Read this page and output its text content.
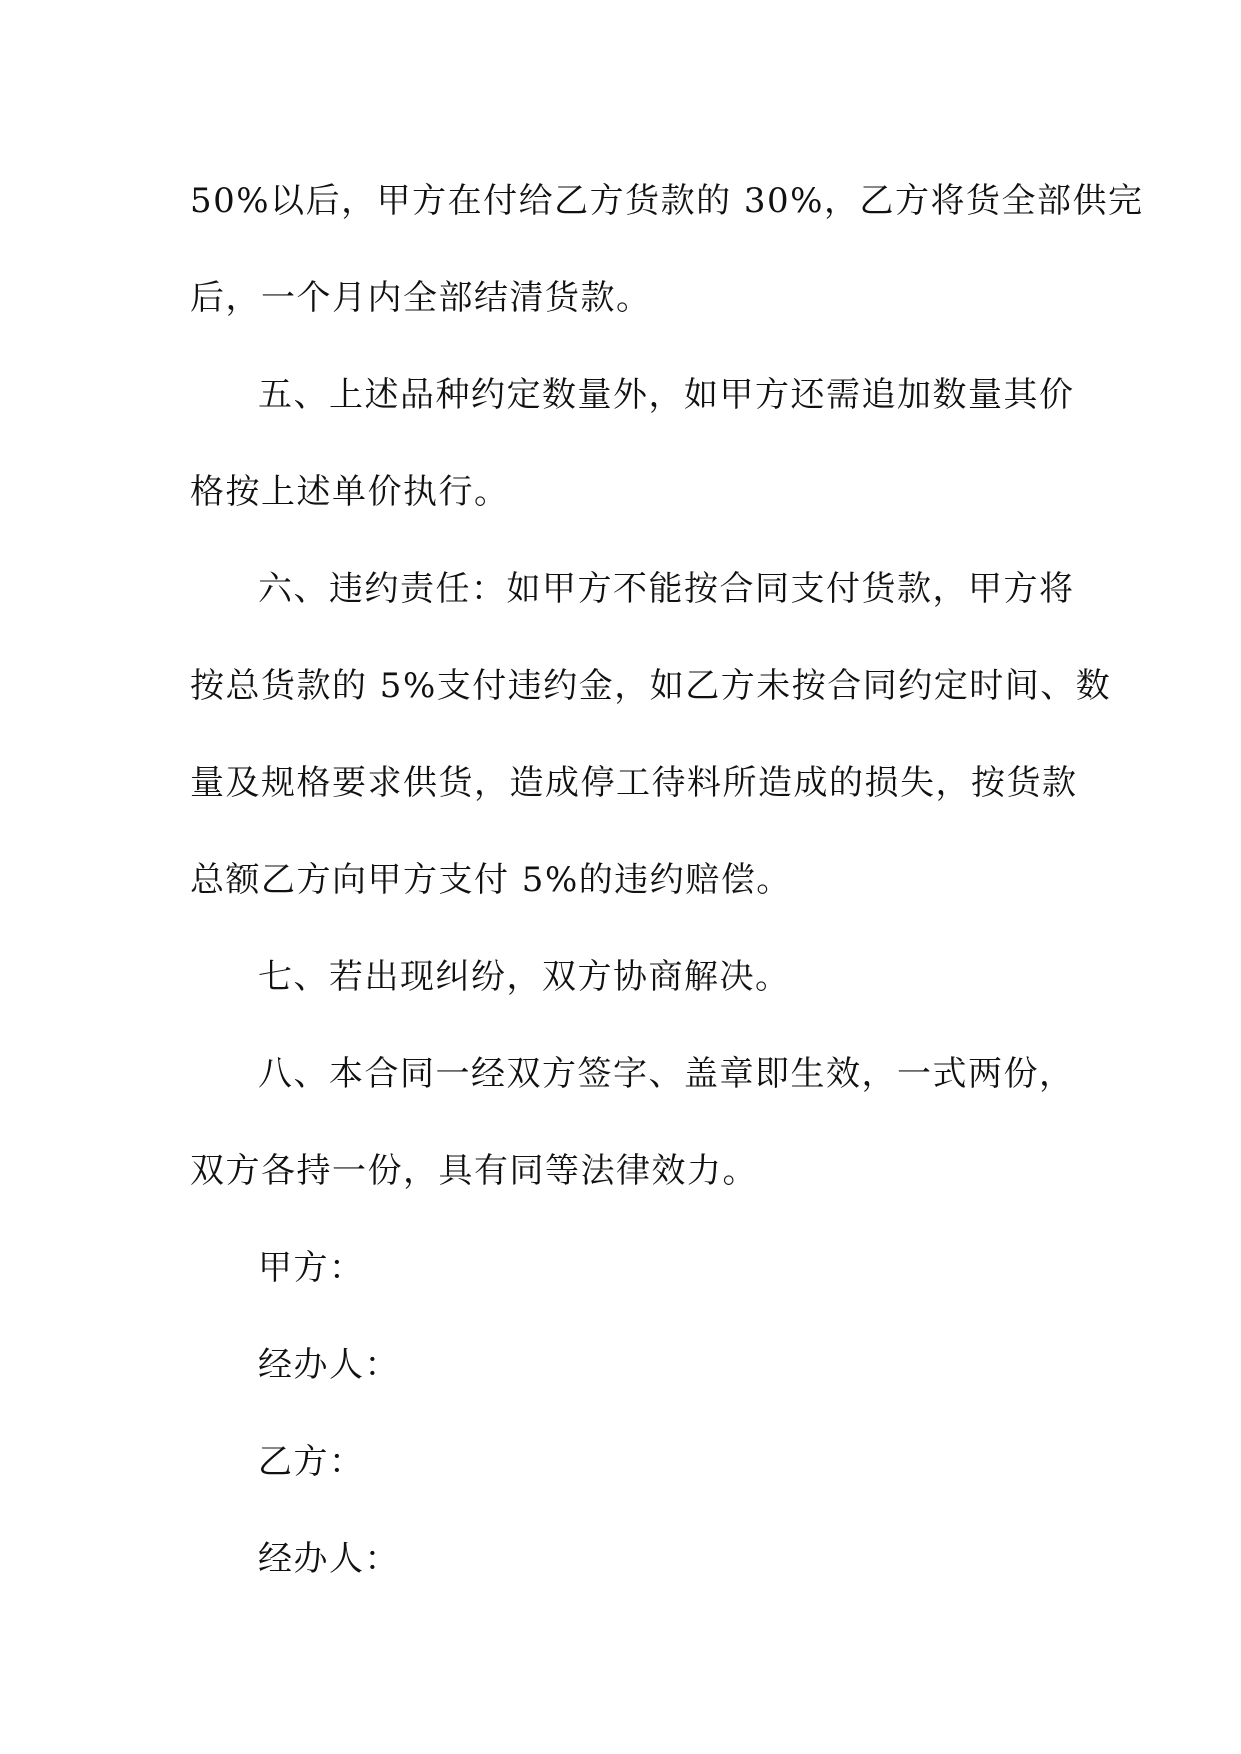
50%以后，甲方在付给乙方货款的 30%，乙方将货全部供完
后，一个月内全部结清货款。
五、上述品种约定数量外，如甲方还需追加数量其价
格按上述单价执行。
六、违约责任：如甲方不能按合同支付货款，甲方将
按总货款的 5%支付违约金，如乙方未按合同约定时间、数
量及规格要求供货，造成停工待料所造成的损失，按货款
总额乙方向甲方支付 5%的违约赔偿。
七、若出现纠纷，双方协商解决。
八、本合同一经双方签字、盖章即生效，一式两份，
双方各持一份，具有同等法律效力。
甲方：
经办人：
乙方：
经办人：
